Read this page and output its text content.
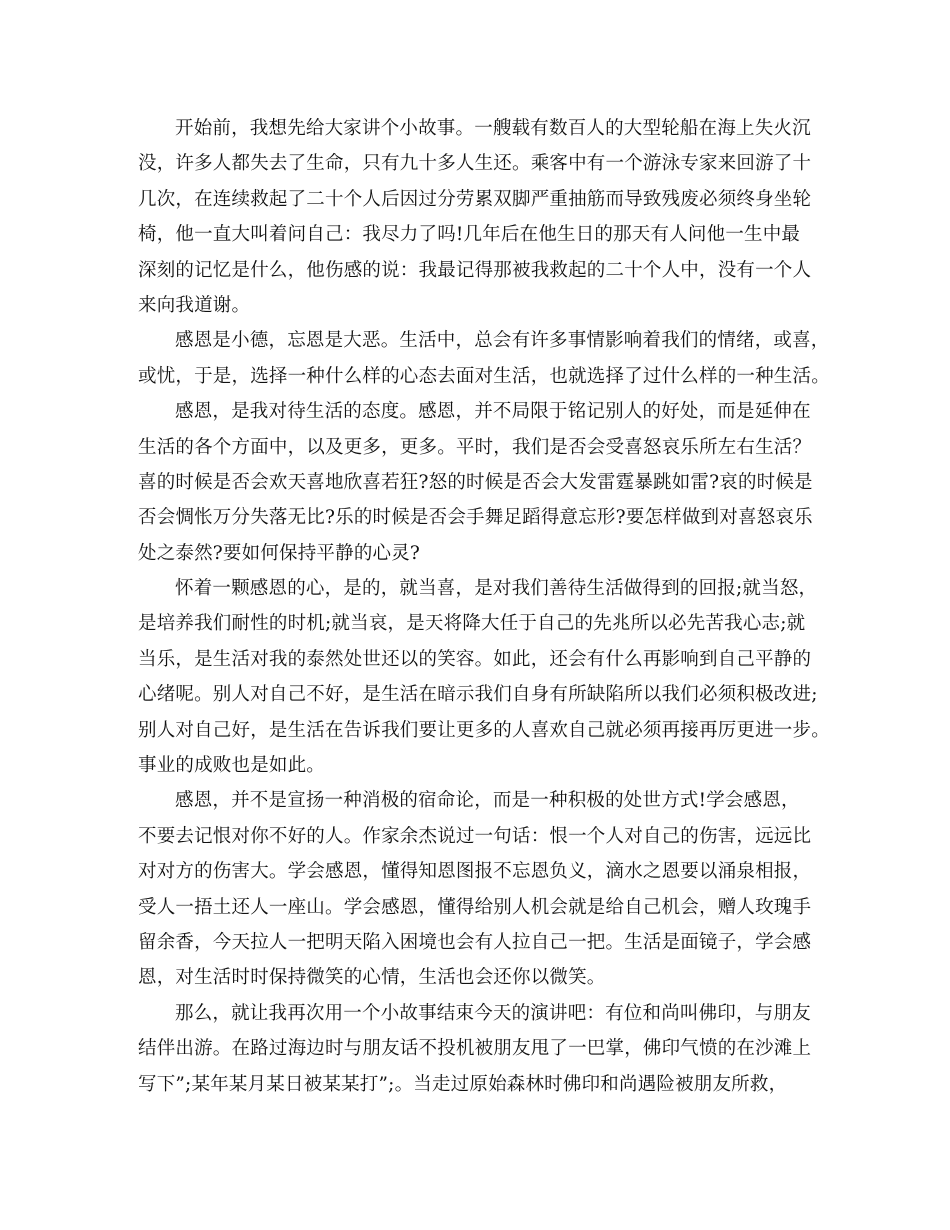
开始前，我想先给大家讲个小故事。一艘载有数百人的大型轮船在海上失火沉
没，许多人都失去了生命，只有九十多人生还。乘客中有一个游泳专家来回游了十
几次，在连续救起了二十个人后因过分劳累双脚严重抽筋而导致残废必须终身坐轮
椅，他一直大叫着问自己：我尽力了吗!几年后在他生日的那天有人问他一生中最
深刻的记忆是什么，他伤感的说：我最记得那被我救起的二十个人中，没有一个人
来向我道谢。
感恩是小德，忘恩是大恶。生活中，总会有许多事情影响着我们的情绪，或喜，
或忧，于是，选择一种什么样的心态去面对生活，也就选择了过什么样的一种生活。
感恩，是我对待生活的态度。感恩，并不局限于铭记别人的好处，而是延伸在
生活的各个方面中，以及更多，更多。平时，我们是否会受喜怒哀乐所左右生活？
喜的时候是否会欢天喜地欣喜若狂?怒的时候是否会大发雷霆暴跳如雷?哀的时候是
否会惆怅万分失落无比?乐的时候是否会手舞足蹈得意忘形?要怎样做到对喜怒哀乐
处之泰然?要如何保持平静的心灵?
怀着一颗感恩的心，是的，就当喜，是对我们善待生活做得到的回报;就当怒，
是培养我们耐性的时机;就当哀，是天将降大任于自己的先兆所以必先苦我心志;就
当乐，是生活对我的泰然处世还以的笑容。如此，还会有什么再影响到自己平静的
心绪呢。别人对自己不好，是生活在暗示我们自身有所缺陷所以我们必须积极改进;
别人对自己好，是生活在告诉我们要让更多的人喜欢自己就必须再接再厉更进一步。
事业的成败也是如此。
感恩，并不是宣扬一种消极的宿命论，而是一种积极的处世方式!学会感恩，
不要去记恨对你不好的人。作家余杰说过一句话：恨一个人对自己的伤害，远远比
对对方的伤害大。学会感恩，懂得知恩图报不忘恩负义，滴水之恩要以涌泉相报，
受人一捂土还人一座山。学会感恩，懂得给别人机会就是给自己机会，赠人玫瑰手
留余香，今天拉人一把明天陷入困境也会有人拉自己一把。生活是面镜子，学会感
恩，对生活时时保持微笑的心情，生活也会还你以微笑。
那么，就让我再次用一个小故事结束今天的演讲吧：有位和尚叫佛印，与朋友
结伴出游。在路过海边时与朋友话不投机被朋友甩了一巴掌，佛印气愤的在沙滩上
写下”;某年某月某日被某某打”;。当走过原始森林时佛印和尚遇险被朋友所救，
